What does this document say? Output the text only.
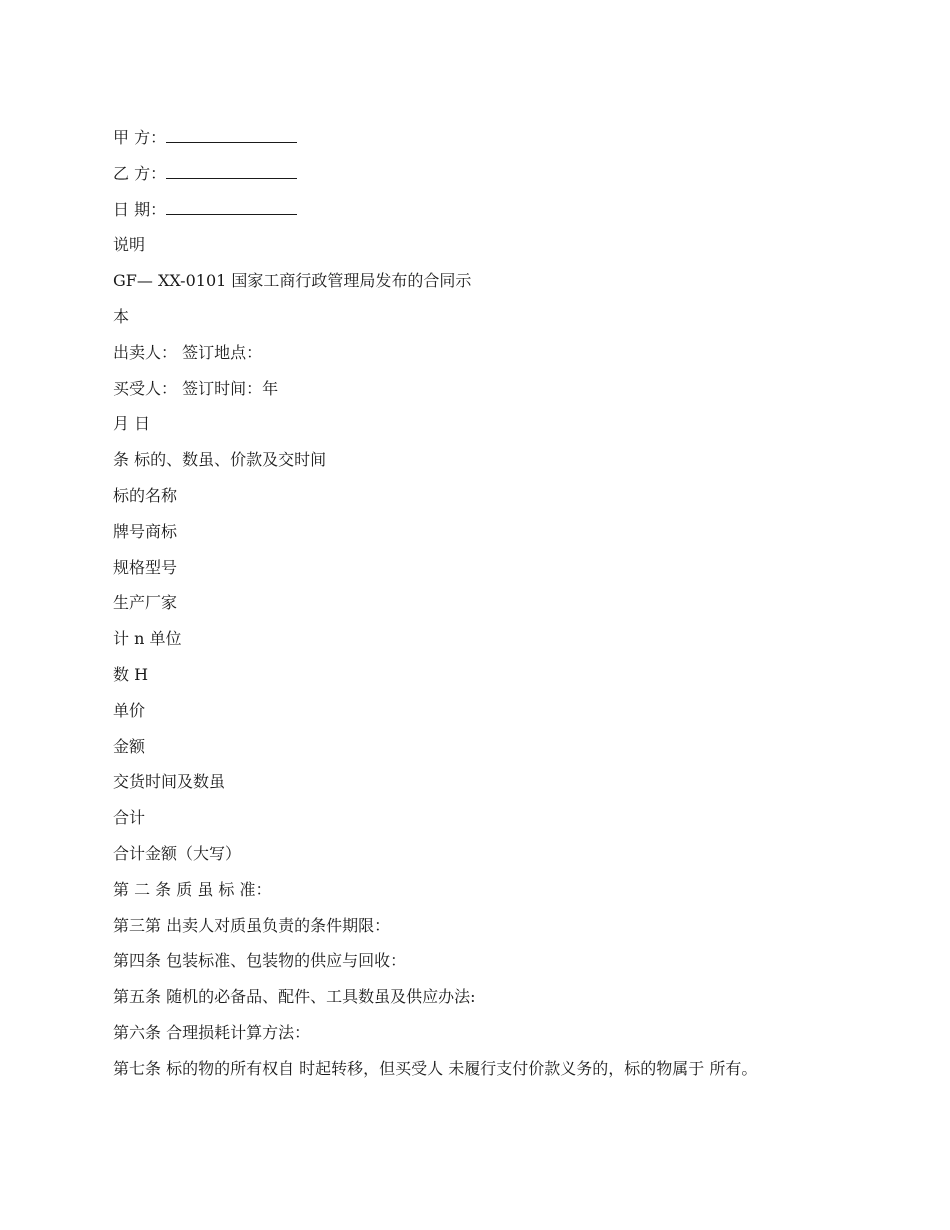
甲 方：
乙 方：
日 期：
说明
GF— XX-0101 国家工商行政管理局发布的合同示
本
出卖人： 签订地点：
买受人： 签订时间：年
月 日
条 标的、数虽、价款及交时间
标的名称
牌号商标
规格型号
生产厂家
计 n 单位
数 H
单价
金额
交货时间及数虽
合计
合计金额（大写）
第 二 条 质 虽 标 准：
第三第 出卖人对质虽负责的条件期限：
第四条 包装标准、包装物的供应与回收：
第五条 随机的必备品、配件、工具数虽及供应办法:
第六条 合理损耗计算方法：
第七条 标的物的所有权自 时起转移，但买受人 未履行支付价款义务的，标的物属于 所有。
